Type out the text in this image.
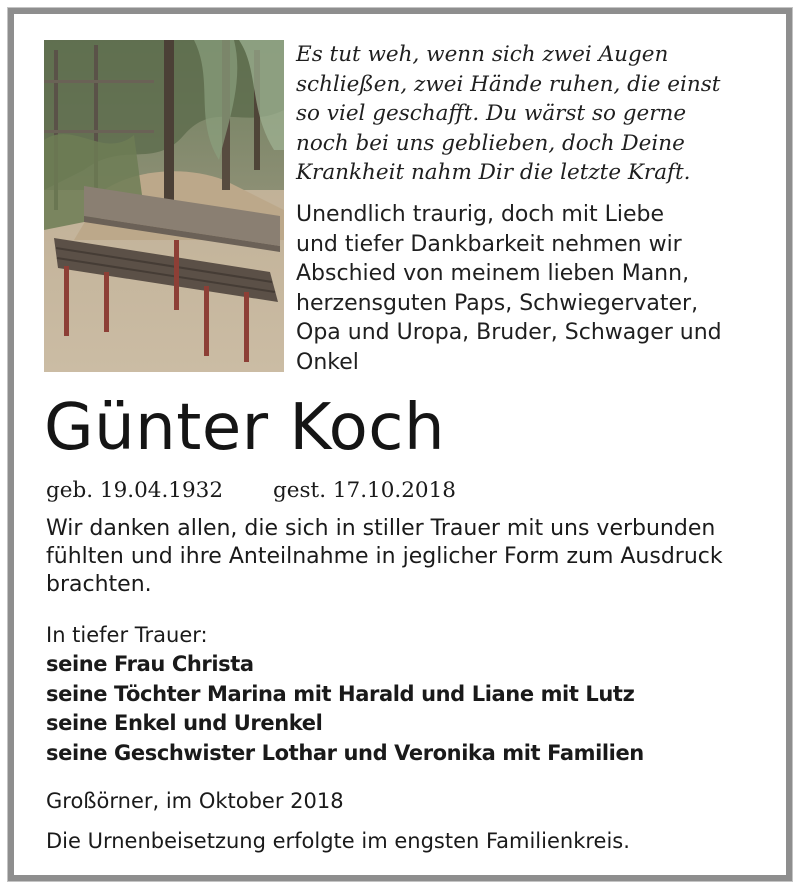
Es tut weh, wenn sich zwei Augen
schließen, zwei Hände ruhen, die einst
so viel geschafft. Du wärst so gerne
noch bei uns geblieben, doch Deine
Krankheit nahm Dir die letzte Kraft.
Unendlich traurig, doch mit Liebe
und tiefer Dankbarkeit nehmen wir
Abschied von meinem lieben Mann,
herzensguten Paps, Schwiegervater,
Opa und Uropa, Bruder, Schwager und
Onkel
Günter Koch
geb. 19.04.1932 gest. 17.10.2018
Wir danken allen, die sich in stiller Trauer mit uns verbunden
fühlten und ihre Anteilnahme in jeglicher Form zum Ausdruck
brachten.
In tiefer Trauer:
seine Frau Christa
seine Töchter Marina mit Harald und Liane mit Lutz
seine Enkel und Urenkel
seine Geschwister Lothar und Veronika mit Familien
Großörner, im Oktober 2018
Die Urnenbeisetzung erfolgte im engsten Familienkreis.
